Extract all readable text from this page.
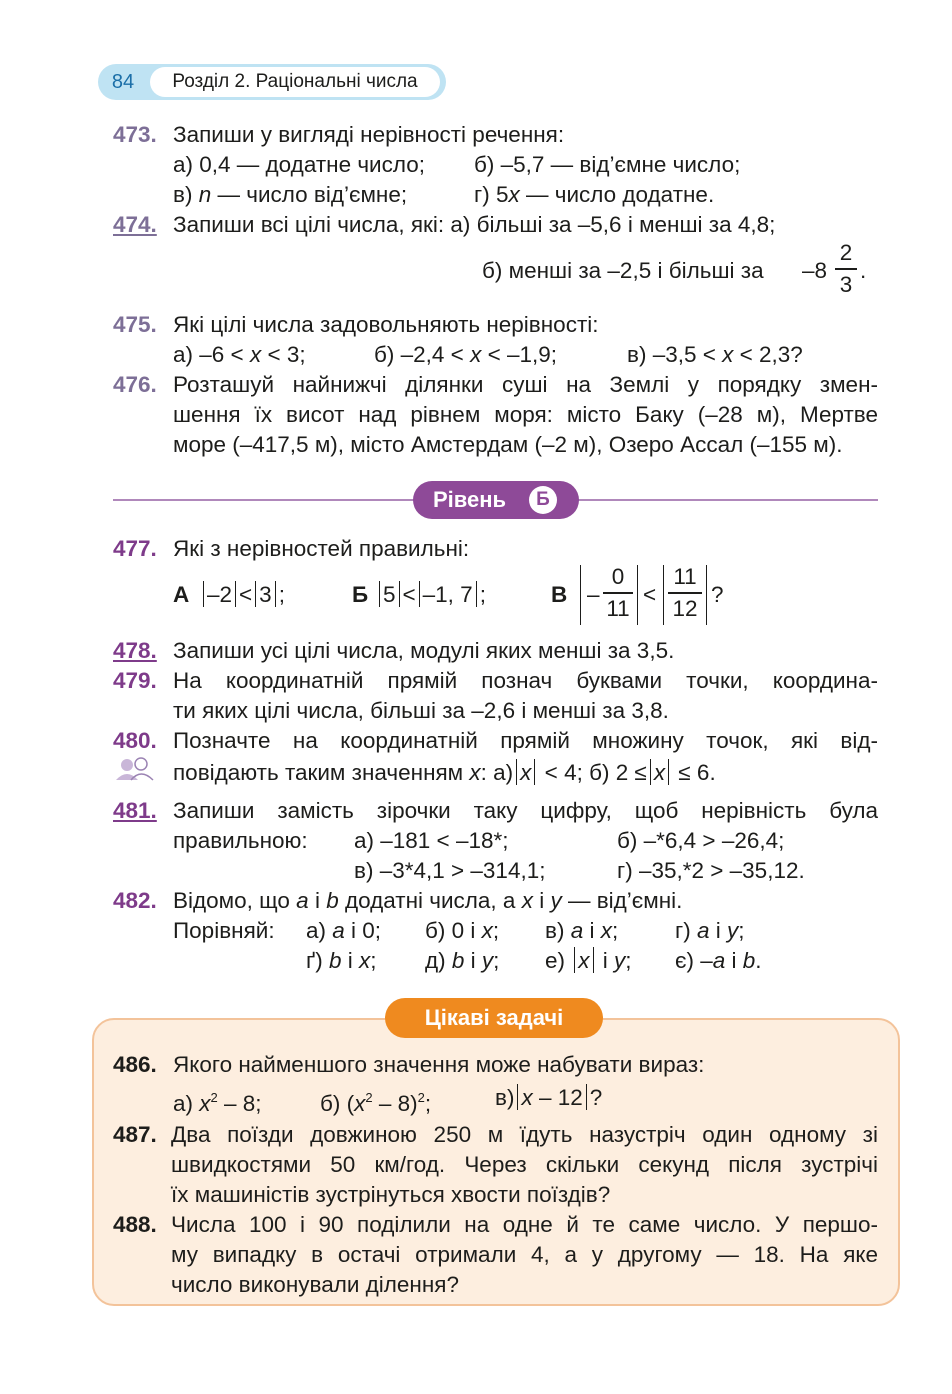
84	Розділ 2. Раціональні числа
473. Запиши у вигляді нерівності речення:
а) 0,4 — додатне число; б) –5,7 — від’ємне число;
в) n — число від’ємне;	г) 5x — число додатне.
474. Запиши всі цілі числа, які: а) більші за –5,6 і менші за 4,8;
б) менші за –2,5 і більші за –8
2
3
.
475. Які цілі числа задовольняють нерівності:
а) –6 < x < 3;	б) –2,4 < x < –1,9;	в) –3,5 < x < 2,3?
476. Розташуй найнижчі ділянки суші на Землі у порядку змен-
шення їх висот над рівнем моря: місто Баку (–28 м), Мертве
море (–417,5 м), місто Амстердам (–2 м), Озеро Ассал (–155 м).
Рівень	Б
477. Які з нерівностей правильні:
А –2 < 3 ;	Б 5 < –1, 7 ;	В –
0
11
<
11
12
?
478. Запиши усі цілі числа, модулі яких менші за 3,5.
479. На координатній прямій познач буквами точки, координа-
ти яких цілі числа, більші за –2,6 і менші за 3,8.
480. Позначте на координатній прямій множину точок, які від-
повідають таким значенням x: а) x < 4; б) 2 ≤ x ≤ 6.
481. Запиши замість зірочки таку цифру, щоб нерівність була
правильною: а) –181 < –18*;	б) –*6,4 > –26,4;
в) –3*4,1 > –314,1;	г) –35,*2 > –35,12.
482. Відомо, що a і b додатні числа, а x і y — від’ємні.
Порівняй: а) a і 0; б) 0 і x; в) a і x;	г) a і y;
ґ) b і x; д) b і y; е) x і y; є) –a і b.
Цікаві задачі
486. Якого найменшого значення може набувати вираз:
а) $x^2 - 8$;	б) $(x^2 - 8)^2$;	в) x – 12 ?
487. Два поїзди довжиною 250 м їдуть назустріч один одному зі
швидкостями 50 км/год. Через скільки секунд після зустрічі
їх машиністів зустрінуться хвости поїздів?
488. Числа 100 і 90 поділили на одне й те саме число. У першо-
му випадку в остачі отримали 4, а у другому — 18. На яке
число виконували ділення?
